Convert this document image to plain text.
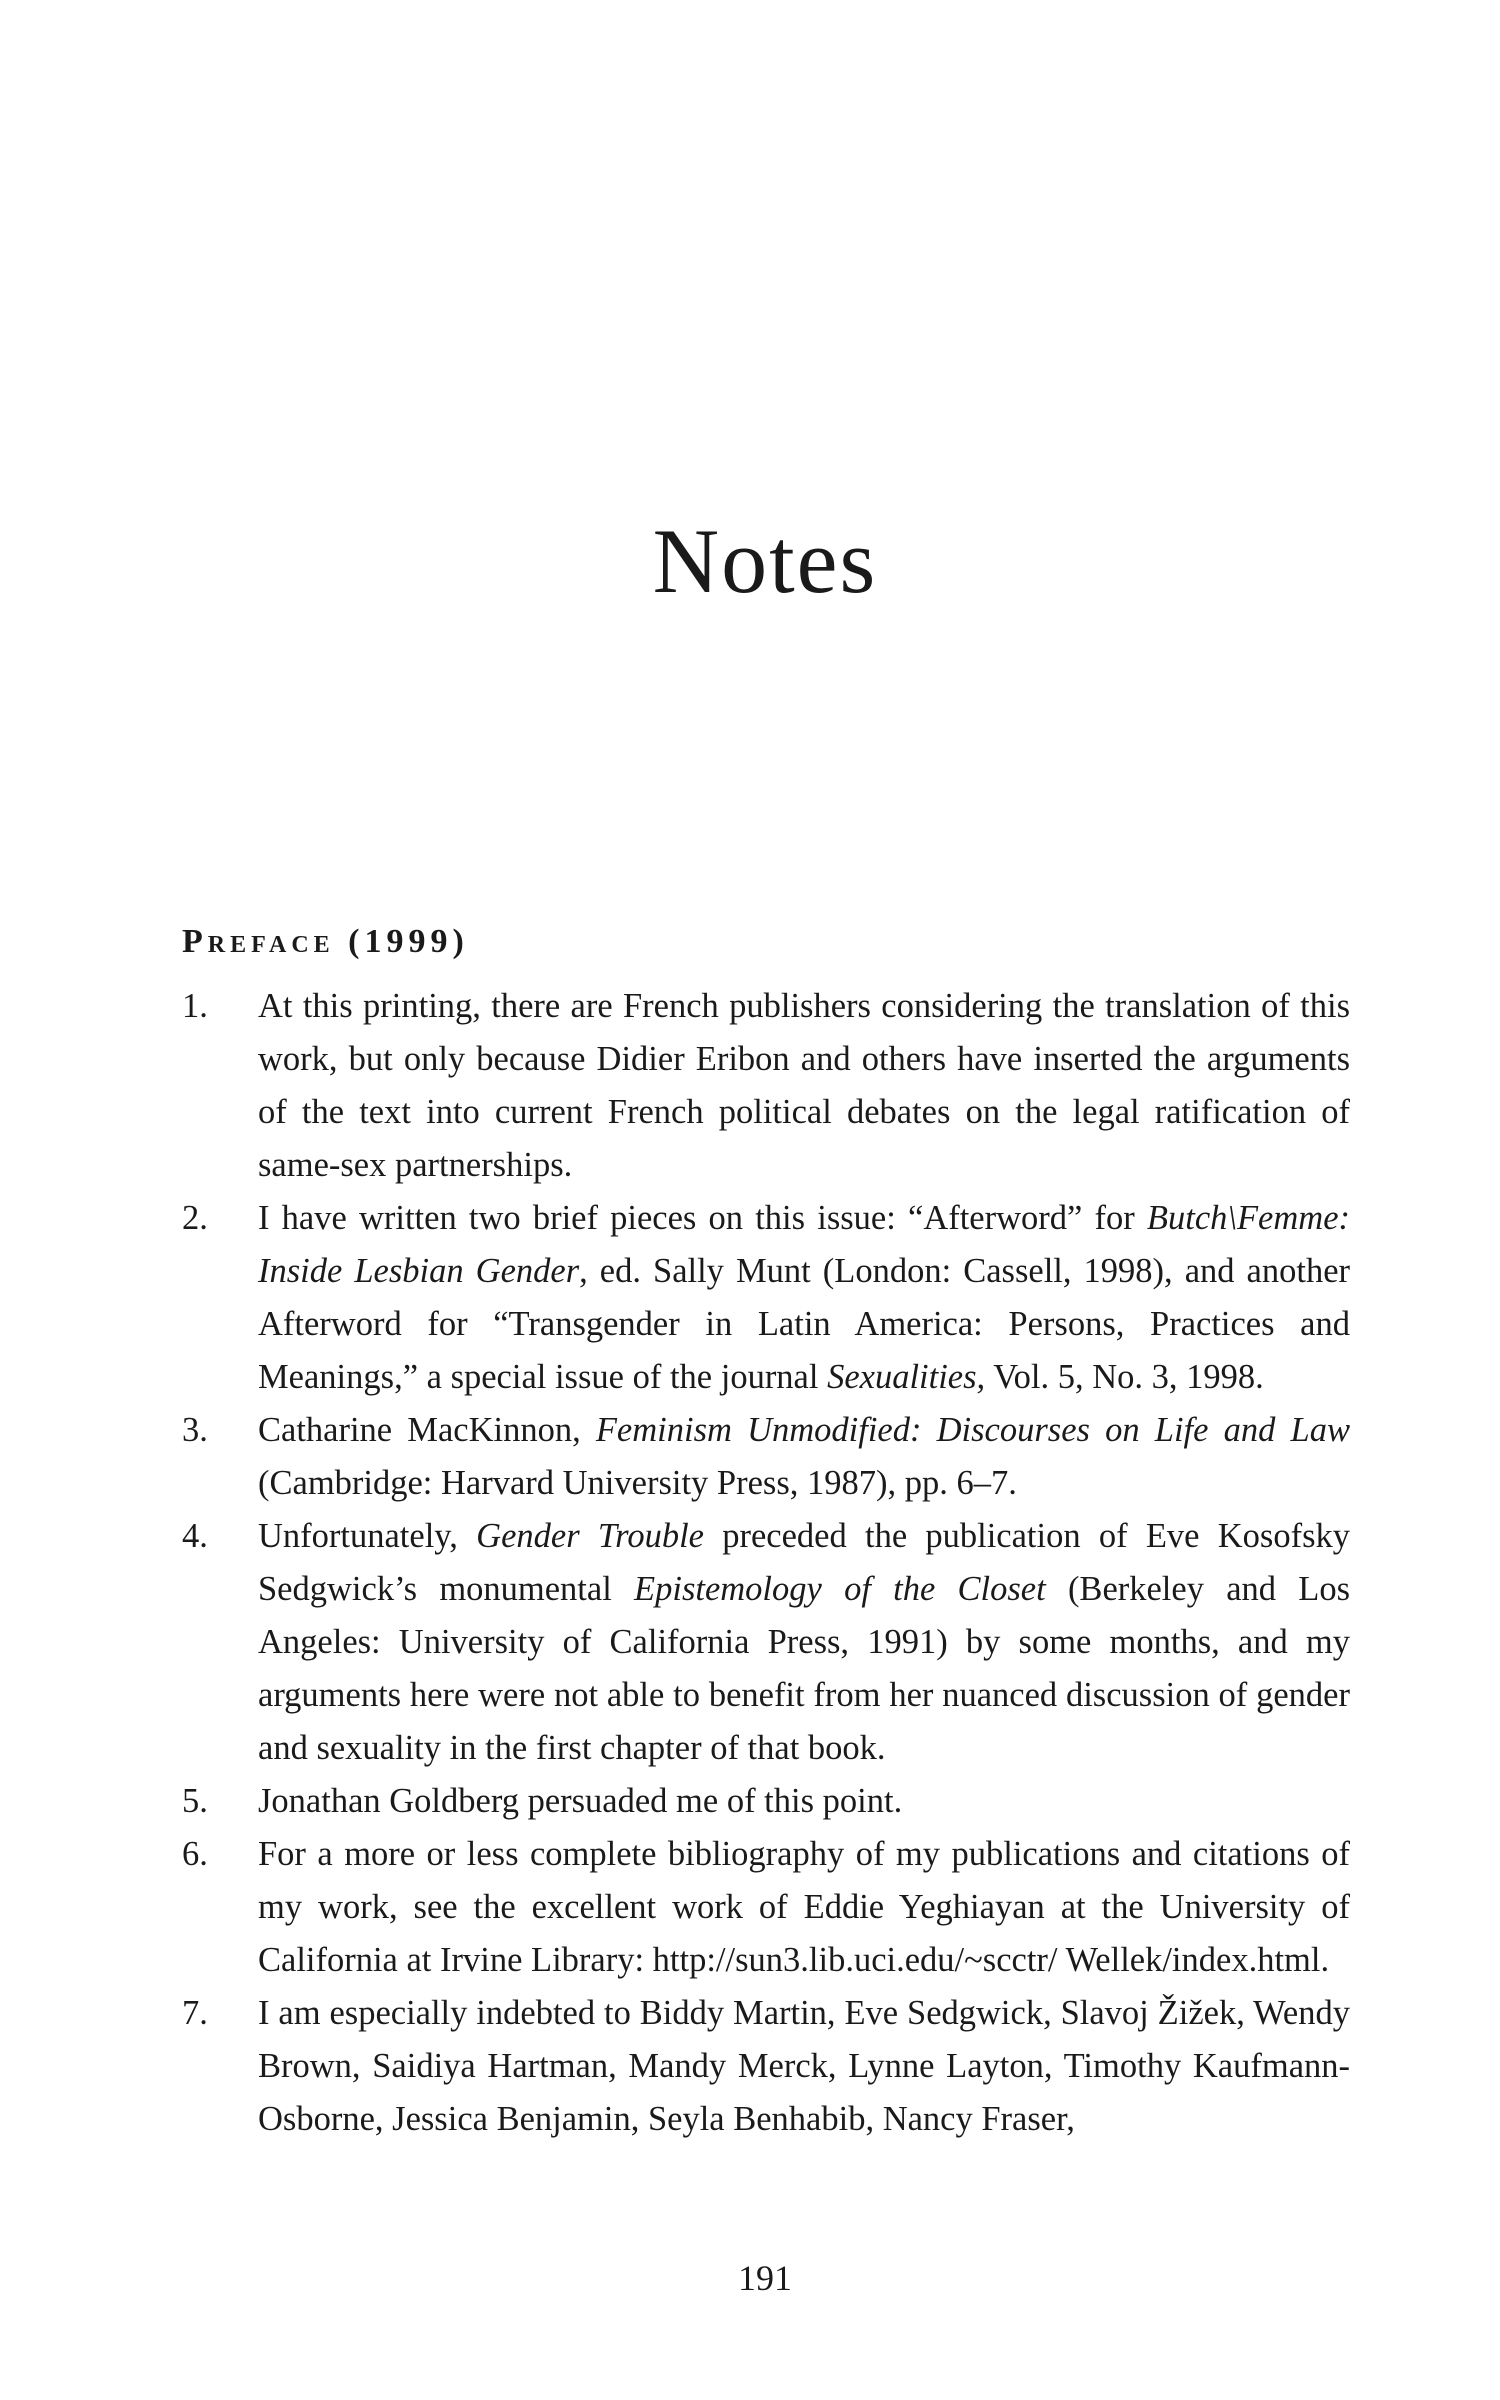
Notes
Preface (1999)
1.	At this printing, there are French publishers considering the translation of this work, but only because Didier Eribon and others have inserted the arguments of the text into current French political debates on the legal ratification of same-sex partnerships.
2.	I have written two brief pieces on this issue: “Afterword” for Butch\Femme: Inside Lesbian Gender, ed. Sally Munt (London: Cassell, 1998), and another Afterword for “Transgender in Latin America: Persons, Practices and Meanings,” a special issue of the journal Sexualities, Vol. 5, No. 3, 1998.
3.	Catharine MacKinnon, Feminism Unmodified: Discourses on Life and Law (Cambridge: Harvard University Press, 1987), pp. 6–7.
4.	Unfortunately, Gender Trouble preceded the publication of Eve Kosofsky Sedgwick’s monumental Epistemology of the Closet (Berkeley and Los Angeles: University of California Press, 1991) by some months, and my arguments here were not able to benefit from her nuanced discussion of gender and sexuality in the first chapter of that book.
5.	Jonathan Goldberg persuaded me of this point.
6.	For a more or less complete bibliography of my publications and citations of my work, see the excellent work of Eddie Yeghiayan at the University of California at Irvine Library: http://sun3.lib.uci.edu/~scctr/ Wellek/index.html.
7.	I am especially indebted to Biddy Martin, Eve Sedgwick, Slavoj Žižek, Wendy Brown, Saidiya Hartman, Mandy Merck, Lynne Layton, Timothy Kaufmann-Osborne, Jessica Benjamin, Seyla Benhabib, Nancy Fraser,
191
